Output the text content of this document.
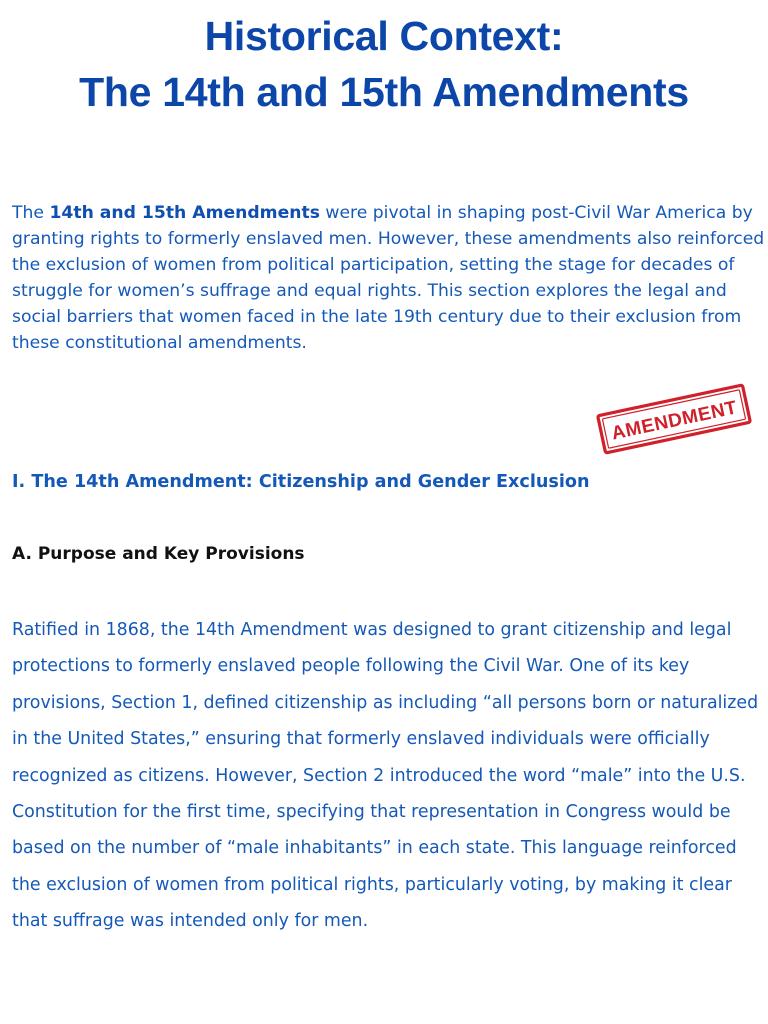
Historical Context:
The 14th and 15th Amendments

The 14th and 15th Amendments were pivotal in shaping post-Civil War America by granting rights to formerly enslaved men. However, these amendments also reinforced the exclusion of women from political participation, setting the stage for decades of struggle for women’s suffrage and equal rights. This section explores the legal and social barriers that women faced in the late 19th century due to their exclusion from these constitutional amendments.

AMENDMENT
I. The 14th Amendment: Citizenship and Gender Exclusion
A. Purpose and Key Provisions

Ratified in 1868, the 14th Amendment was designed to grant citizenship and legal protections to formerly enslaved people following the Civil War. One of its key provisions, Section 1, defined citizenship as including “all persons born or naturalized in the United States,” ensuring that formerly enslaved individuals were officially recognized as citizens. However, Section 2 introduced the word “male” into the U.S. Constitution for the first time, specifying that representation in Congress would be based on the number of “male inhabitants” in each state. This language reinforced the exclusion of women from political rights, particularly voting, by making it clear that suffrage was intended only for men.
